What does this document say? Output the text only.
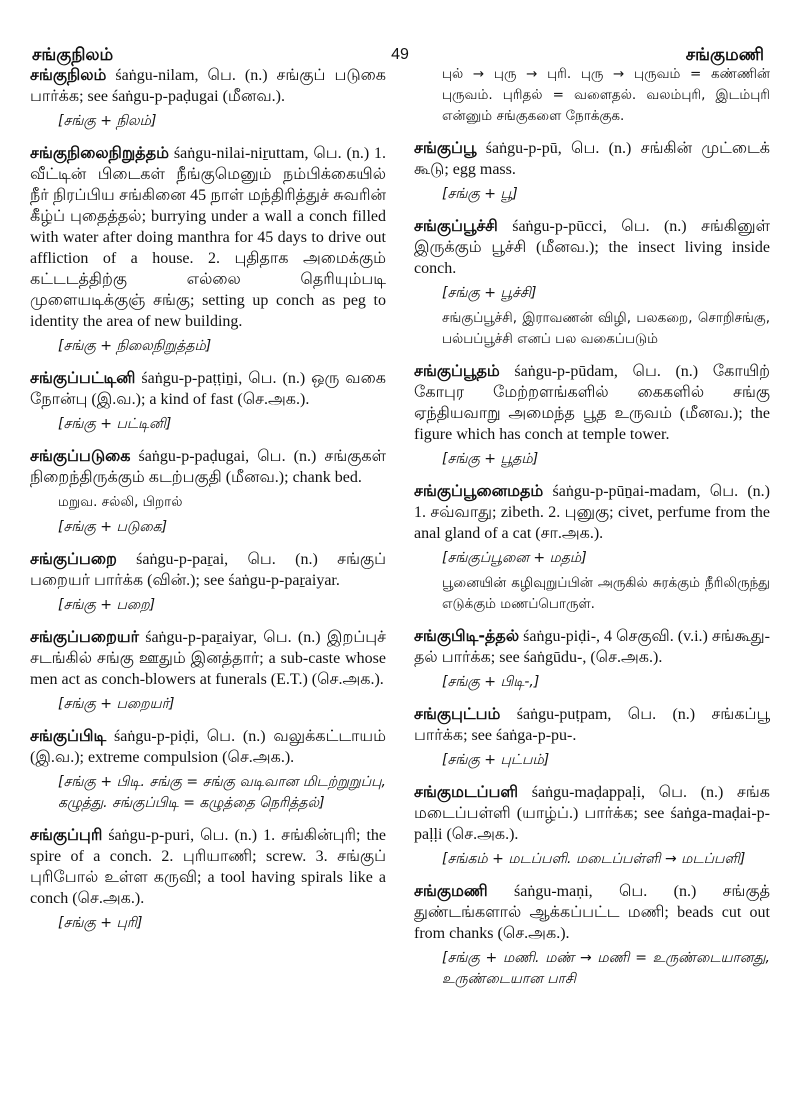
சங்குநிலம்	49	சங்குமணி

சங்குநிலம் śaṅgu-nilam, பெ. (n.) சங்குப் படுகை பார்க்க; see śaṅgu-p-paḍugai (மீனவ.).

[சங்கு + நிலம்]

சங்குநிலைநிறுத்தம் śaṅgu-nilai-niṟuttam, பெ. (n.) 1. வீட்டின் பிடைகள் நீங்குமெனும் நம்பிக்கையில் நீர் நிரப்பிய சங்கினை 45 நாள் மந்திரித்துச் சுவரின் கீழ்ப் புதைத்தல்; burrying under a wall a conch filled with water after doing manthra for 45 days to drive out affliction of a house. 2. புதிதாக அமைக்கும் கட்டடத்திற்கு எல்லை தெரியும்படி முளையடிக்குஞ் சங்கு; setting up conch as peg to identity the area of new building.

[சங்கு + நிலைநிறுத்தம்]

சங்குப்பட்டினி śaṅgu-p-paṭṭiṉi, பெ. (n.) ஒரு வகை நோன்பு (இ.வ.); a kind of fast (செ.அக.).

[சங்கு + பட்டினி]

சங்குப்படுகை śaṅgu-p-paḍugai, பெ. (n.) சங்குகள் நிறைந்திருக்கும் கடற்பகுதி (மீனவ.); chank bed.

மறுவ. சல்லி, பிறால்

[சங்கு + படுகை]

சங்குப்பறை śaṅgu-p-paṟai, பெ. (n.) சங்குப் பறையர் பார்க்க (வின்.); see śaṅgu-p-paṟaiyar.

[சங்கு + பறை]

சங்குப்பறையர் śaṅgu-p-paṟaiyar, பெ. (n.) இறப்புச் சடங்கில் சங்கு ஊதும் இனத்தார்; a sub-caste whose men act as conch-blowers at funerals (E.T.) (செ.அக.).

[சங்கு + பறையர்]

சங்குப்பிடி śaṅgu-p-piḍi, பெ. (n.) வலுக்கட்டாயம் (இ.வ.); extreme compulsion (செ.அக.).

[சங்கு + பிடி. சங்கு = சங்கு வடிவான மிடற்றுறுப்பு, கழுத்து. சங்குப்பிடி = கழுத்தை நெரித்தல்]

சங்குப்புரி śaṅgu-p-puri, பெ. (n.) 1. சங்கின்புரி; the spire of a conch. 2. புரியாணி; screw. 3. சங்குப் புரிபோல் உள்ள கருவி; a tool having spirals like a conch (செ.அக.).

[சங்கு + புரி]

புல் → புரு → புரி. புரு → புருவம் = கண்ணின் புருவம். புரிதல் = வளைதல். வலம்புரி, இடம்புரி என்னும் சங்குகளை நோக்குக.

சங்குப்பூ śaṅgu-p-pū, பெ. (n.) சங்கின் முட்டைக் கூடு; egg mass.

[சங்கு + பூ]

சங்குப்பூச்சி śaṅgu-p-pūcci, பெ. (n.) சங்கினுள் இருக்கும் பூச்சி (மீனவ.); the insect living inside conch.

[சங்கு + பூச்சி]

சங்குப்பூச்சி, இராவணன் விழி, பலகறை, சொறிசங்கு, பல்பப்பூச்சி எனப் பல வகைப்படும்

சங்குப்பூதம் śaṅgu-p-pūdam, பெ. (n.) கோயிற் கோபுர மேற்றளங்களில் கைகளில் சங்கு ஏந்தியவாறு அமைந்த பூத உருவம் (மீனவ.); the figure which has conch at temple tower.

[சங்கு + பூதம்]

சங்குப்பூனைமதம் śaṅgu-p-pūṉai-madam, பெ. (n.) 1. சவ்வாது; zibeth. 2. புனுகு; civet, perfume from the anal gland of a cat (சா.அக.).

[சங்குப்பூனை + மதம்]

பூனையின் கழிவுறுப்பின் அருகில் சுரக்கும் நீரிலிருந்து எடுக்கும் மணப்பொருள்.

சங்குபிடி-த்தல் śaṅgu-piḍi-, 4 செகுவி. (v.i.) சங்கூது-தல் பார்க்க; see śaṅgūdu-, (செ.அக.).

[சங்கு + பிடி-,]

சங்குபுட்பம் śaṅgu-puṭpam, பெ. (n.) சங்கப்பூ பார்க்க; see śaṅga-p-pu-.

[சங்கு + புட்பம்]

சங்குமடப்பளி śaṅgu-maḍappaḷi, பெ. (n.) சங்க மடைப்பள்ளி (யாழ்ப்.) பார்க்க; see śaṅga-maḍai-p-paḷḷi (செ.அக.).

[சங்கம் + மடப்பளி. மடைப்பள்ளி → மடப்பளி]

சங்குமணி śaṅgu-maṇi, பெ. (n.) சங்குத் துண்டங்களால் ஆக்கப்பட்ட மணி; beads cut out from chanks (செ.அக.).

[சங்கு + மணி. மண் → மணி = உருண்டையானது, உருண்டையான பாசி
